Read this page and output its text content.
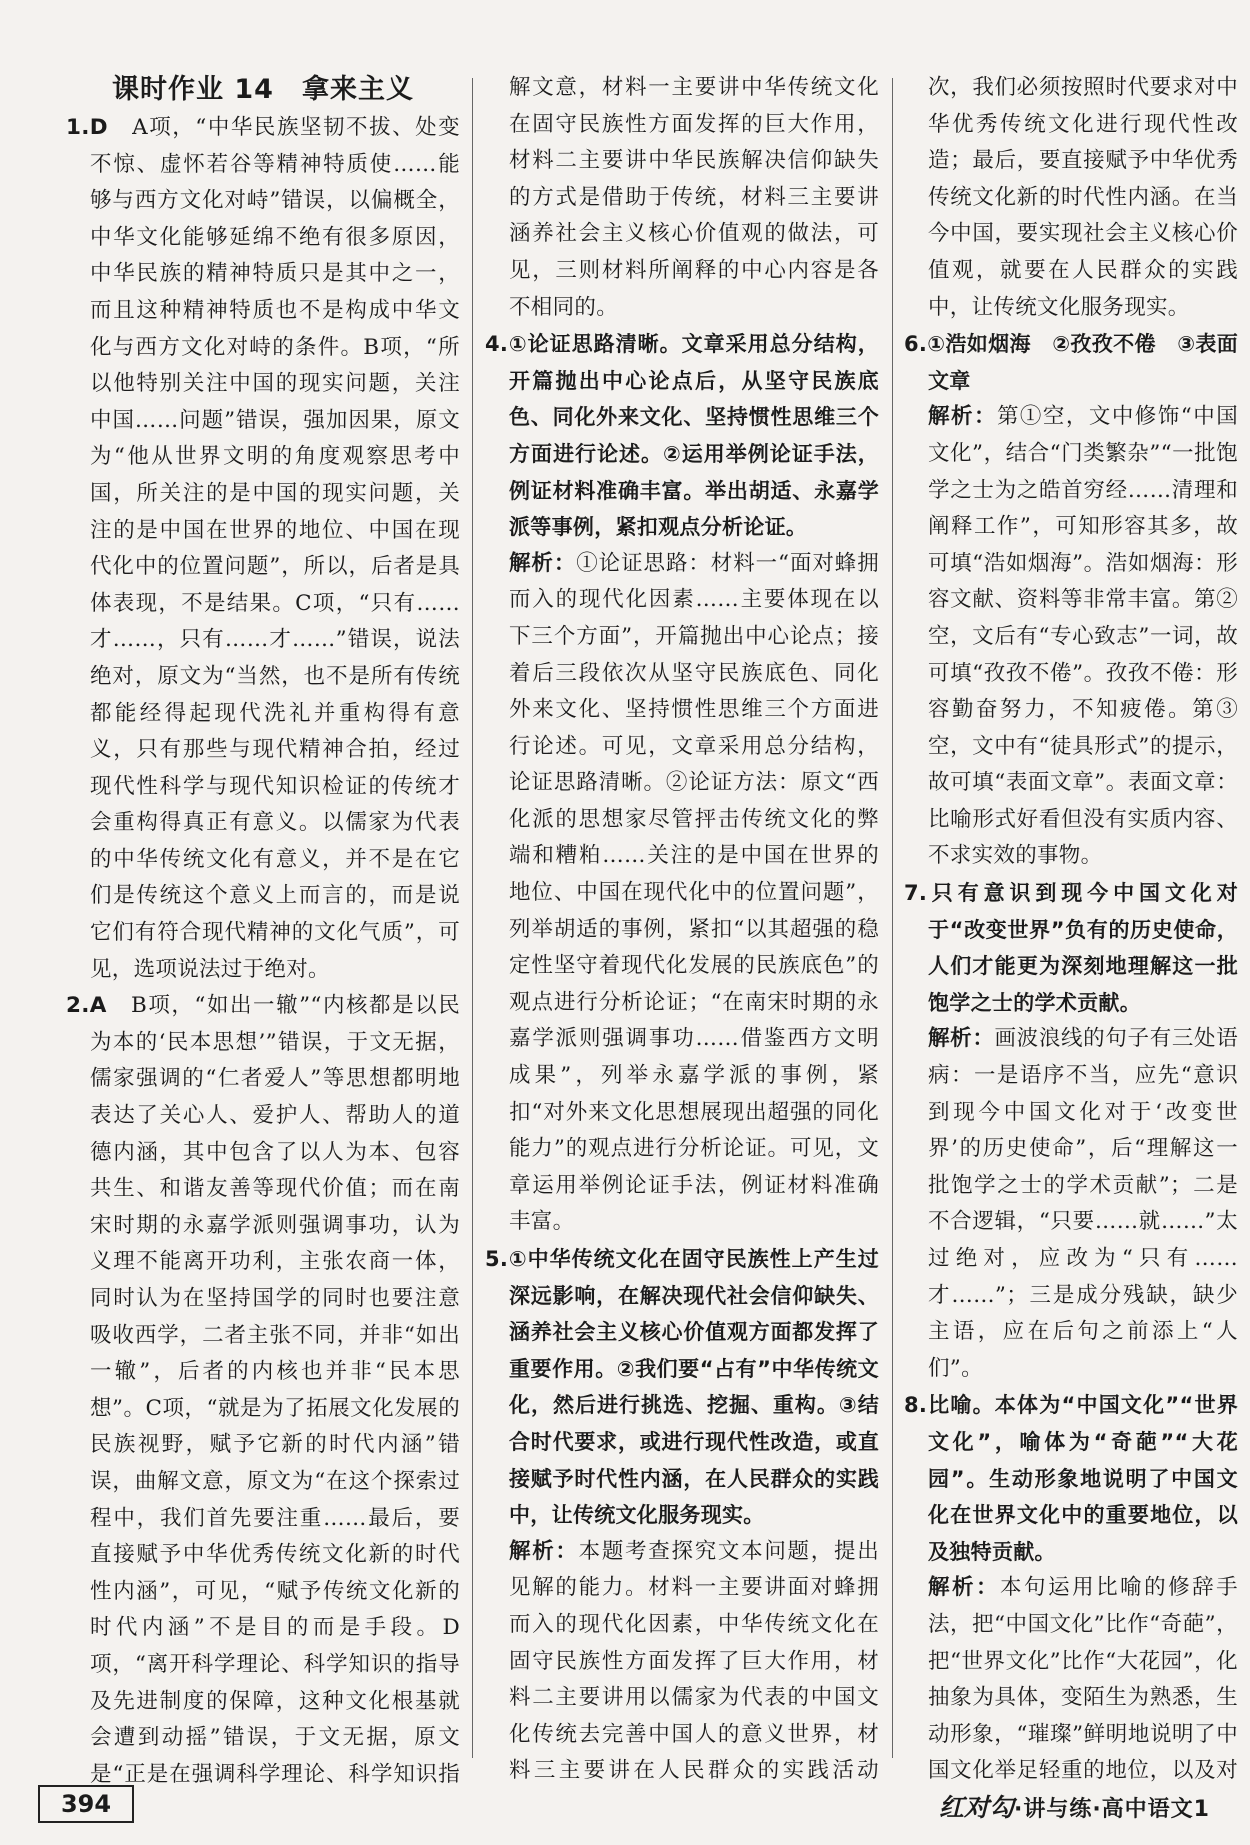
课时作业 14　拿来主义

1.D　 A项，“中华民族坚韧不拔、处变不惊、虚怀若谷等精神特质使……能够与西方文化对峙”错误，以偏概全，中华文化能够延绵不绝有很多原因，中华民族的精神特质只是其中之一，而且这种精神特质也不是构成中华文化与西方文化对峙的条件。B项，“所以他特别关注中国的现实问题，关注中国……问题”错误，强加因果，原文为“他从世界文明的角度观察思考中国，所关注的是中国的现实问题，关注的是中国在世界的地位、中国在现代化中的位置问题”，所以，后者是具体表现，不是结果。C项，“只有……才……，只有……才……”错误，说法绝对，原文为“当然，也不是所有传统都能经得起现代洗礼并重构得有意义，只有那些与现代精神合拍，经过现代性科学与现代知识检证的传统才会重构得真正有意义。以儒家为代表的中华传统文化有意义，并不是在它们是传统这个意义上而言的，而是说它们有符合现代精神的文化气质”，可见，选项说法过于绝对。

2.A　 B项，“如出一辙”“内核都是以民为本的‘民本思想’”错误，于文无据，儒家强调的“仁者爱人”等思想都明地表达了关心人、爱护人、帮助人的道德内涵，其中包含了以人为本、包容共生、和谐友善等现代价值；而在南宋时期的永嘉学派则强调事功，认为义理不能离开功利，主张农商一体，同时认为在坚持国学的同时也要注意吸收西学，二者主张不同，并非“如出一辙”，后者的内核也并非“民本思想”。C项，“就是为了拓展文化发展的民族视野，赋予它新的时代内涵”错误，曲解文意，原文为“在这个探索过程中，我们首先要注重……最后，要直接赋予中华优秀传统文化新的时代性内涵”，可见，“赋予传统文化新的时代内涵”不是目的而是手段。D项，“离开科学理论、科学知识的指导及先进制度的保障，这种文化根基就会遭到动摇”错误，于文无据，原文是“正是在强调科学理论、科学知识指

解文意，材料一主要讲中华传统文化在固守民族性方面发挥的巨大作用，材料二主要讲中华民族解决信仰缺失的方式是借助于传统，材料三主要讲涵养社会主义核心价值观的做法，可见，三则材料所阐释的中心内容是各不相同的。

4.①论证思路清晰。文章采用总分结构，开篇抛出中心论点后，从坚守民族底色、同化外来文化、坚持惯性思维三个方面进行论述。②运用举例论证手法，例证材料准确丰富。举出胡适、永嘉学派等事例，紧扣观点分析论证。

解析：①论证思路：材料一“面对蜂拥而入的现代化因素……主要体现在以下三个方面”，开篇抛出中心论点；接着后三段依次从坚守民族底色、同化外来文化、坚持惯性思维三个方面进行论述。可见，文章采用总分结构，论证思路清晰。②论证方法：原文“西化派的思想家尽管抨击传统文化的弊端和糟粕……关注的是中国在世界的地位、中国在现代化中的位置问题”，列举胡适的事例，紧扣“以其超强的稳定性坚守着现代化发展的民族底色”的观点进行分析论证；“在南宋时期的永嘉学派则强调事功……借鉴西方文明成果”，列举永嘉学派的事例，紧扣“对外来文化思想展现出超强的同化能力”的观点进行分析论证。可见，文章运用举例论证手法，例证材料准确丰富。

5.①中华传统文化在固守民族性上产生过深远影响，在解决现代社会信仰缺失、涵养社会主义核心价值观方面都发挥了重要作用。②我们要“占有”中华传统文化，然后进行挑选、挖掘、重构。③结合时代要求，或进行现代性改造，或直接赋予时代性内涵，在人民群众的实践中，让传统文化服务现实。

解析：本题考查探究文本问题，提出见解的能力。材料一主要讲面对蜂拥而入的现代化因素，中华传统文化在固守民族性方面发挥了巨大作用，材料二主要讲用以儒家为代表的中国文化传统去完善中国人的意义世界，材料三主要讲在人民群众的实践活动

次，我们必须按照时代要求对中华优秀传统文化进行现代性改造；最后，要直接赋予中华优秀传统文化新的时代性内涵。在当今中国，要实现社会主义核心价值观，就要在人民群众的实践中，让传统文化服务现实。

6.①浩如烟海　②孜孜不倦　③表面文章

解析：第①空，文中修饰“中国文化”，结合“门类繁杂”“一批饱学之士为之皓首穷经……清理和阐释工作”，可知形容其多，故可填“浩如烟海”。浩如烟海：形容文献、资料等非常丰富。第②空，文后有“专心致志”一词，故可填“孜孜不倦”。孜孜不倦：形容勤奋努力，不知疲倦。第③空，文中有“徒具形式”的提示，故可填“表面文章”。表面文章：比喻形式好看但没有实质内容、不求实效的事物。

7.只有意识到现今中国文化对于“改变世界”负有的历史使命，人们才能更为深刻地理解这一批饱学之士的学术贡献。

解析：画波浪线的句子有三处语病：一是语序不当，应先“意识到现今中国文化对于‘改变世界’的历史使命”，后“理解这一批饱学之士的学术贡献”；二是不合逻辑，“只要……就……”太过绝对，应改为“只有……才……”；三是成分残缺，缺少主语，应在后句之前添上“人们”。

8.比喻。本体为“中国文化”“世界文化”，喻体为“奇葩”“大花园”。生动形象地说明了中国文化在世界文化中的重要地位，以及独特贡献。

解析：本句运用比喻的修辞手法，把“中国文化”比作“奇葩”，把“世界文化”比作“大花园”，化抽象为具体，变陌生为熟悉，生动形象，“璀璨”鲜明地说明了中国文化举足轻重的地位，以及对

394	红对勾·讲与练·高中语文1
